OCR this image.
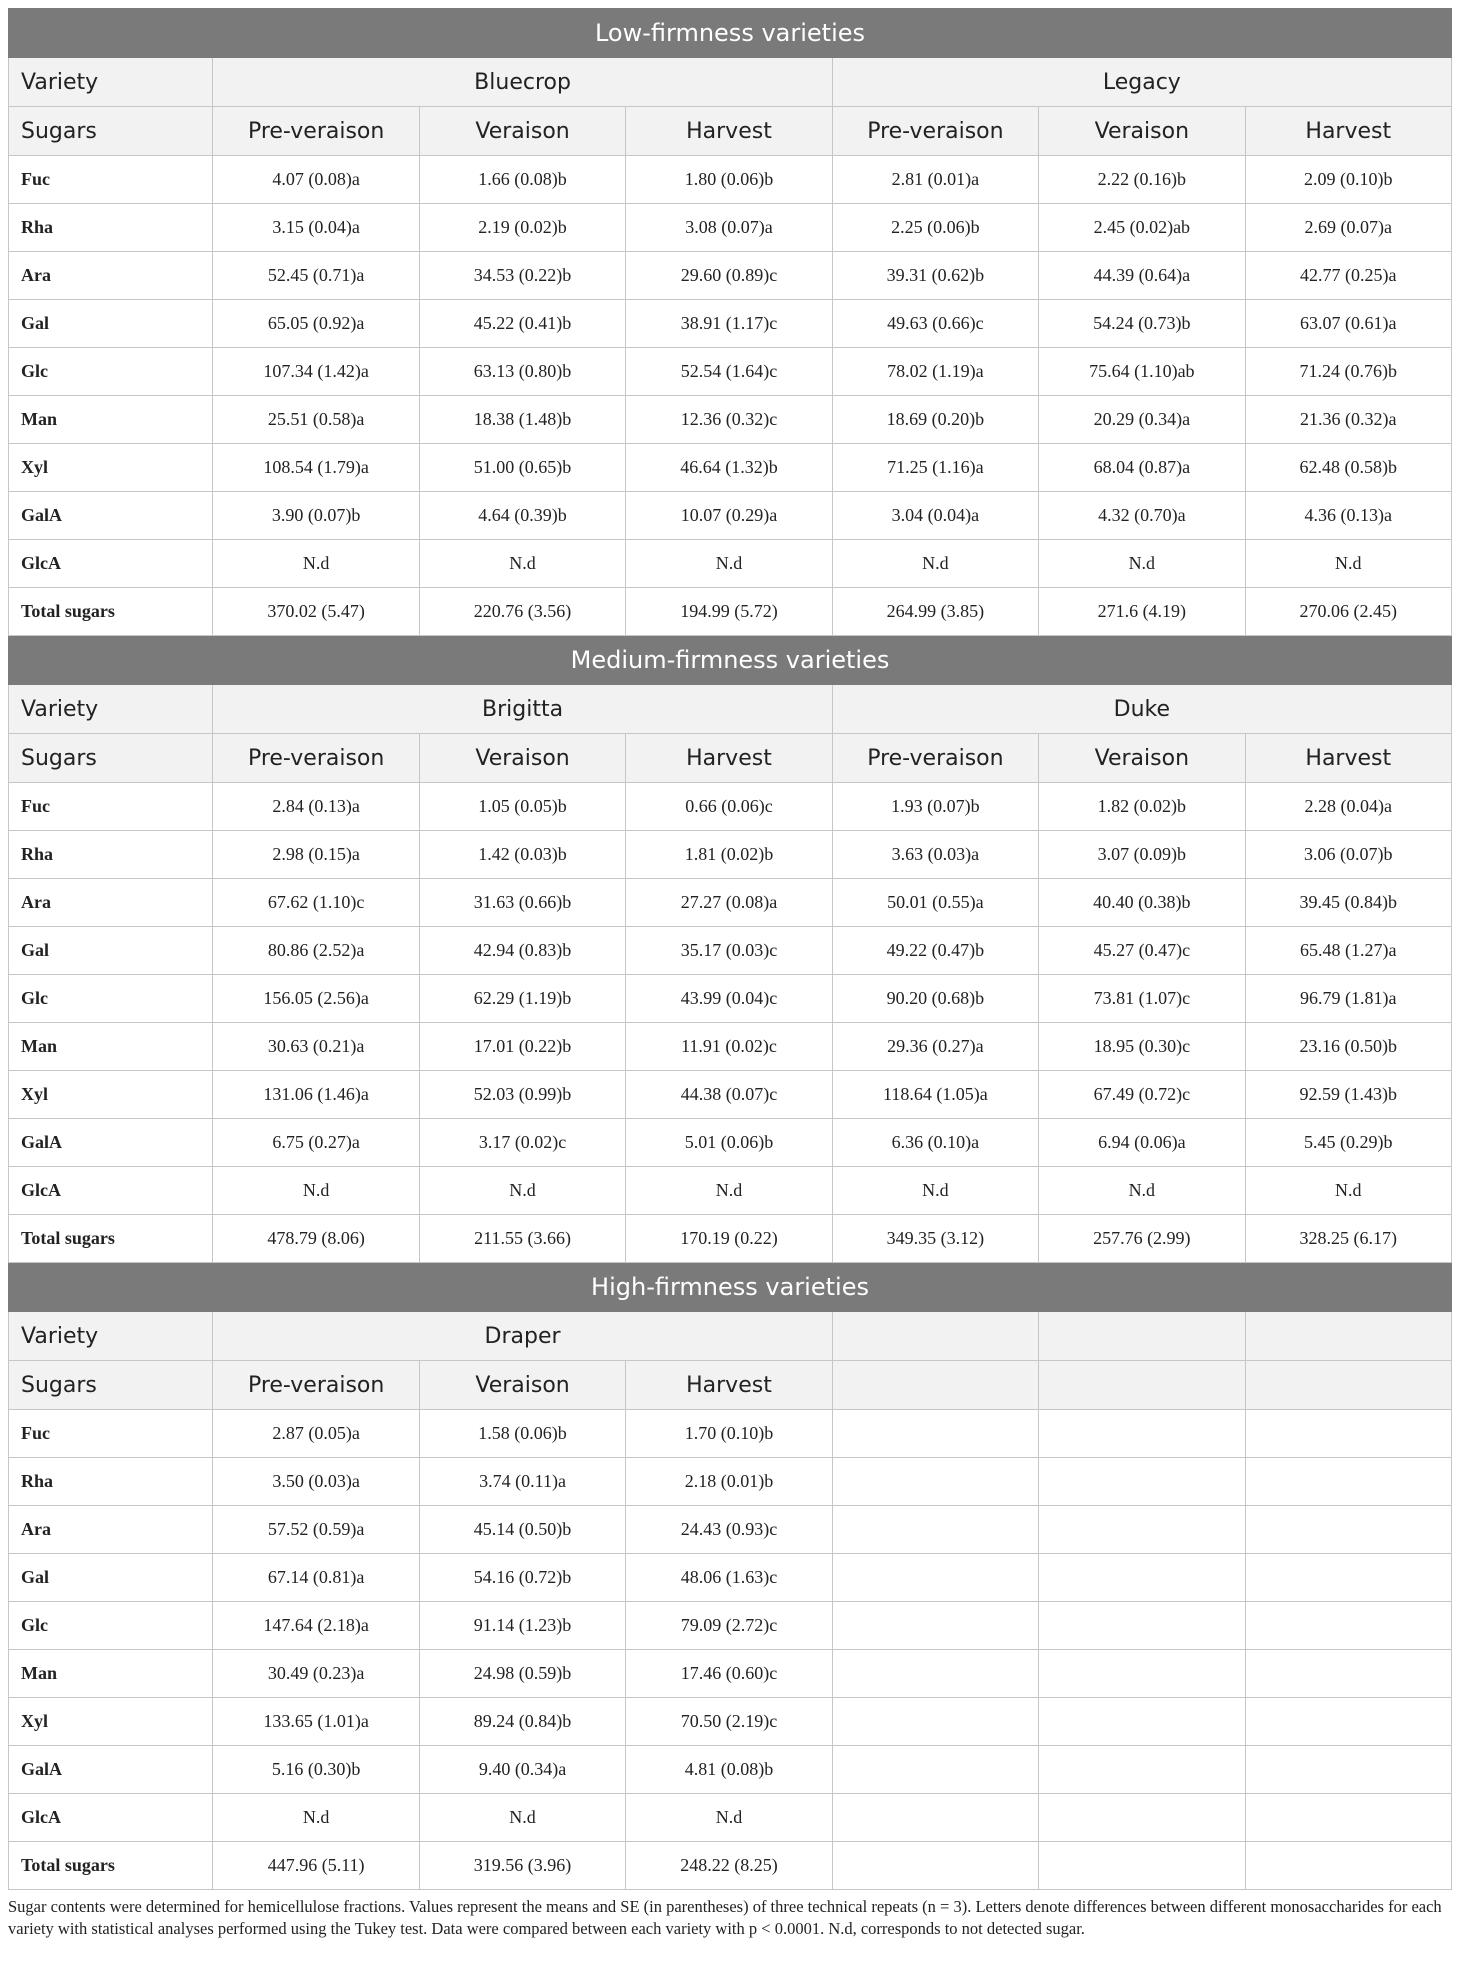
Low-firmness varieties						
Variety	Bluecrop			Legacy		
Sugars	Pre-veraison	Veraison	Harvest	Pre-veraison	Veraison	Harvest
Fuc	4.07 (0.08)a	1.66 (0.08)b	1.80 (0.06)b	2.81 (0.01)a	2.22 (0.16)b	2.09 (0.10)b
Rha	3.15 (0.04)a	2.19 (0.02)b	3.08 (0.07)a	2.25 (0.06)b	2.45 (0.02)ab	2.69 (0.07)a
Ara	52.45 (0.71)a	34.53 (0.22)b	29.60 (0.89)c	39.31 (0.62)b	44.39 (0.64)a	42.77 (0.25)a
Gal	65.05 (0.92)a	45.22 (0.41)b	38.91 (1.17)c	49.63 (0.66)c	54.24 (0.73)b	63.07 (0.61)a
Glc	107.34 (1.42)a	63.13 (0.80)b	52.54 (1.64)c	78.02 (1.19)a	75.64 (1.10)ab	71.24 (0.76)b
Man	25.51 (0.58)a	18.38 (1.48)b	12.36 (0.32)c	18.69 (0.20)b	20.29 (0.34)a	21.36 (0.32)a
Xyl	108.54 (1.79)a	51.00 (0.65)b	46.64 (1.32)b	71.25 (1.16)a	68.04 (0.87)a	62.48 (0.58)b
GalA	3.90 (0.07)b	4.64 (0.39)b	10.07 (0.29)a	3.04 (0.04)a	4.32 (0.70)a	4.36 (0.13)a
GlcA	N.d	N.d	N.d	N.d	N.d	N.d
Total sugars	370.02 (5.47)	220.76 (3.56)	194.99 (5.72)	264.99 (3.85)	271.6 (4.19)	270.06 (2.45)
Medium-firmness varieties						
Variety	Brigitta			Duke		
Sugars	Pre-veraison	Veraison	Harvest	Pre-veraison	Veraison	Harvest
Fuc	2.84 (0.13)a	1.05 (0.05)b	0.66 (0.06)c	1.93 (0.07)b	1.82 (0.02)b	2.28 (0.04)a
Rha	2.98 (0.15)a	1.42 (0.03)b	1.81 (0.02)b	3.63 (0.03)a	3.07 (0.09)b	3.06 (0.07)b
Ara	67.62 (1.10)c	31.63 (0.66)b	27.27 (0.08)a	50.01 (0.55)a	40.40 (0.38)b	39.45 (0.84)b
Gal	80.86 (2.52)a	42.94 (0.83)b	35.17 (0.03)c	49.22 (0.47)b	45.27 (0.47)c	65.48 (1.27)a
Glc	156.05 (2.56)a	62.29 (1.19)b	43.99 (0.04)c	90.20 (0.68)b	73.81 (1.07)c	96.79 (1.81)a
Man	30.63 (0.21)a	17.01 (0.22)b	11.91 (0.02)c	29.36 (0.27)a	18.95 (0.30)c	23.16 (0.50)b
Xyl	131.06 (1.46)a	52.03 (0.99)b	44.38 (0.07)c	118.64 (1.05)a	67.49 (0.72)c	92.59 (1.43)b
GalA	6.75 (0.27)a	3.17 (0.02)c	5.01 (0.06)b	6.36 (0.10)a	6.94 (0.06)a	5.45 (0.29)b
GlcA	N.d	N.d	N.d	N.d	N.d	N.d
Total sugars	478.79 (8.06)	211.55 (3.66)	170.19 (0.22)	349.35 (3.12)	257.76 (2.99)	328.25 (6.17)
High-firmness varieties						
Variety	Draper					
Sugars	Pre-veraison	Veraison	Harvest			
Fuc	2.87 (0.05)a	1.58 (0.06)b	1.70 (0.10)b			
Rha	3.50 (0.03)a	3.74 (0.11)a	2.18 (0.01)b			
Ara	57.52 (0.59)a	45.14 (0.50)b	24.43 (0.93)c			
Gal	67.14 (0.81)a	54.16 (0.72)b	48.06 (1.63)c			
Glc	147.64 (2.18)a	91.14 (1.23)b	79.09 (2.72)c			
Man	30.49 (0.23)a	24.98 (0.59)b	17.46 (0.60)c			
Xyl	133.65 (1.01)a	89.24 (0.84)b	70.50 (2.19)c			
GalA	5.16 (0.30)b	9.40 (0.34)a	4.81 (0.08)b			
GlcA	N.d	N.d	N.d			
Total sugars	447.96 (5.11)	319.56 (3.96)	248.22 (8.25)			
Sugar contents were determined for hemicellulose fractions. Values represent the means and SE (in parentheses) of three technical repeats (n = 3). Letters denote differences between different monosaccharides for each variety with statistical analyses performed using the Tukey test. Data were compared between each variety with p < 0.0001. N.d, corresponds to not detected sugar.
